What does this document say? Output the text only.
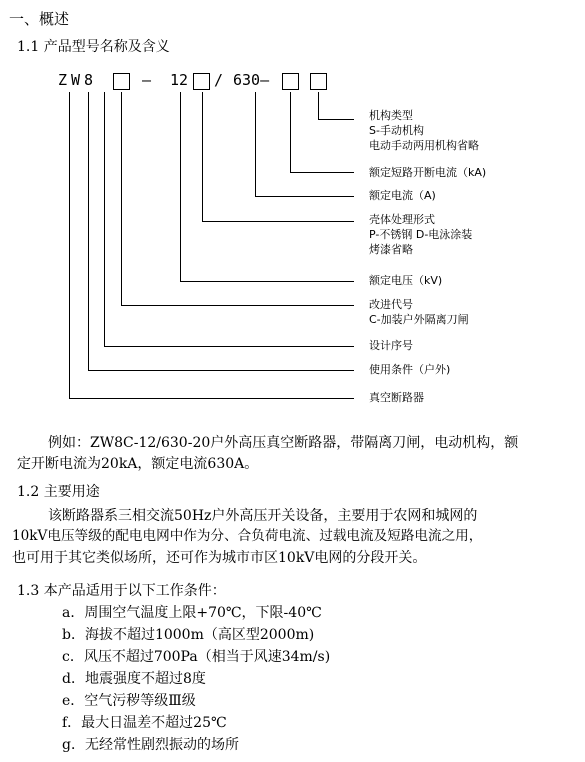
一、概述
1.1 产品型号名称及含义
ZW8	— 12 / 630—
机构类型
S-手动机构
电动手动两用机构省略
额定短路开断电流（kA)
额定电流（A)
壳体处理形式
P-不锈钢 D-电泳涂装
烤漆省略
额定电压（kV)
改进代号
C-加装户外隔离刀闸
设计序号
使用条件（户外)
真空断路器
例如：ZW8C-12/630-20户外高压真空断路器，带隔离刀闸，电动机构，额
定开断电流为20kA，额定电流630A。
1.2 主要用途
该断路器系三相交流50Hz户外高压开关设备，主要用于农网和城网的
10kV电压等级的配电电网中作为分、合负荷电流、过载电流及短路电流之用，
也可用于其它类似场所，还可作为城市市区10kV电网的分段开关。
1.3 本产品适用于以下工作条件：
a．周围空气温度上限+70℃，下限-40℃
b．海拔不超过1000m（高区型2000m)
c．风压不超过700Pa（相当于风速34m/s)
d．地震强度不超过8度
e．空气污秽等级Ⅲ级
f．最大日温差不超过25℃
g．无经常性剧烈振动的场所
